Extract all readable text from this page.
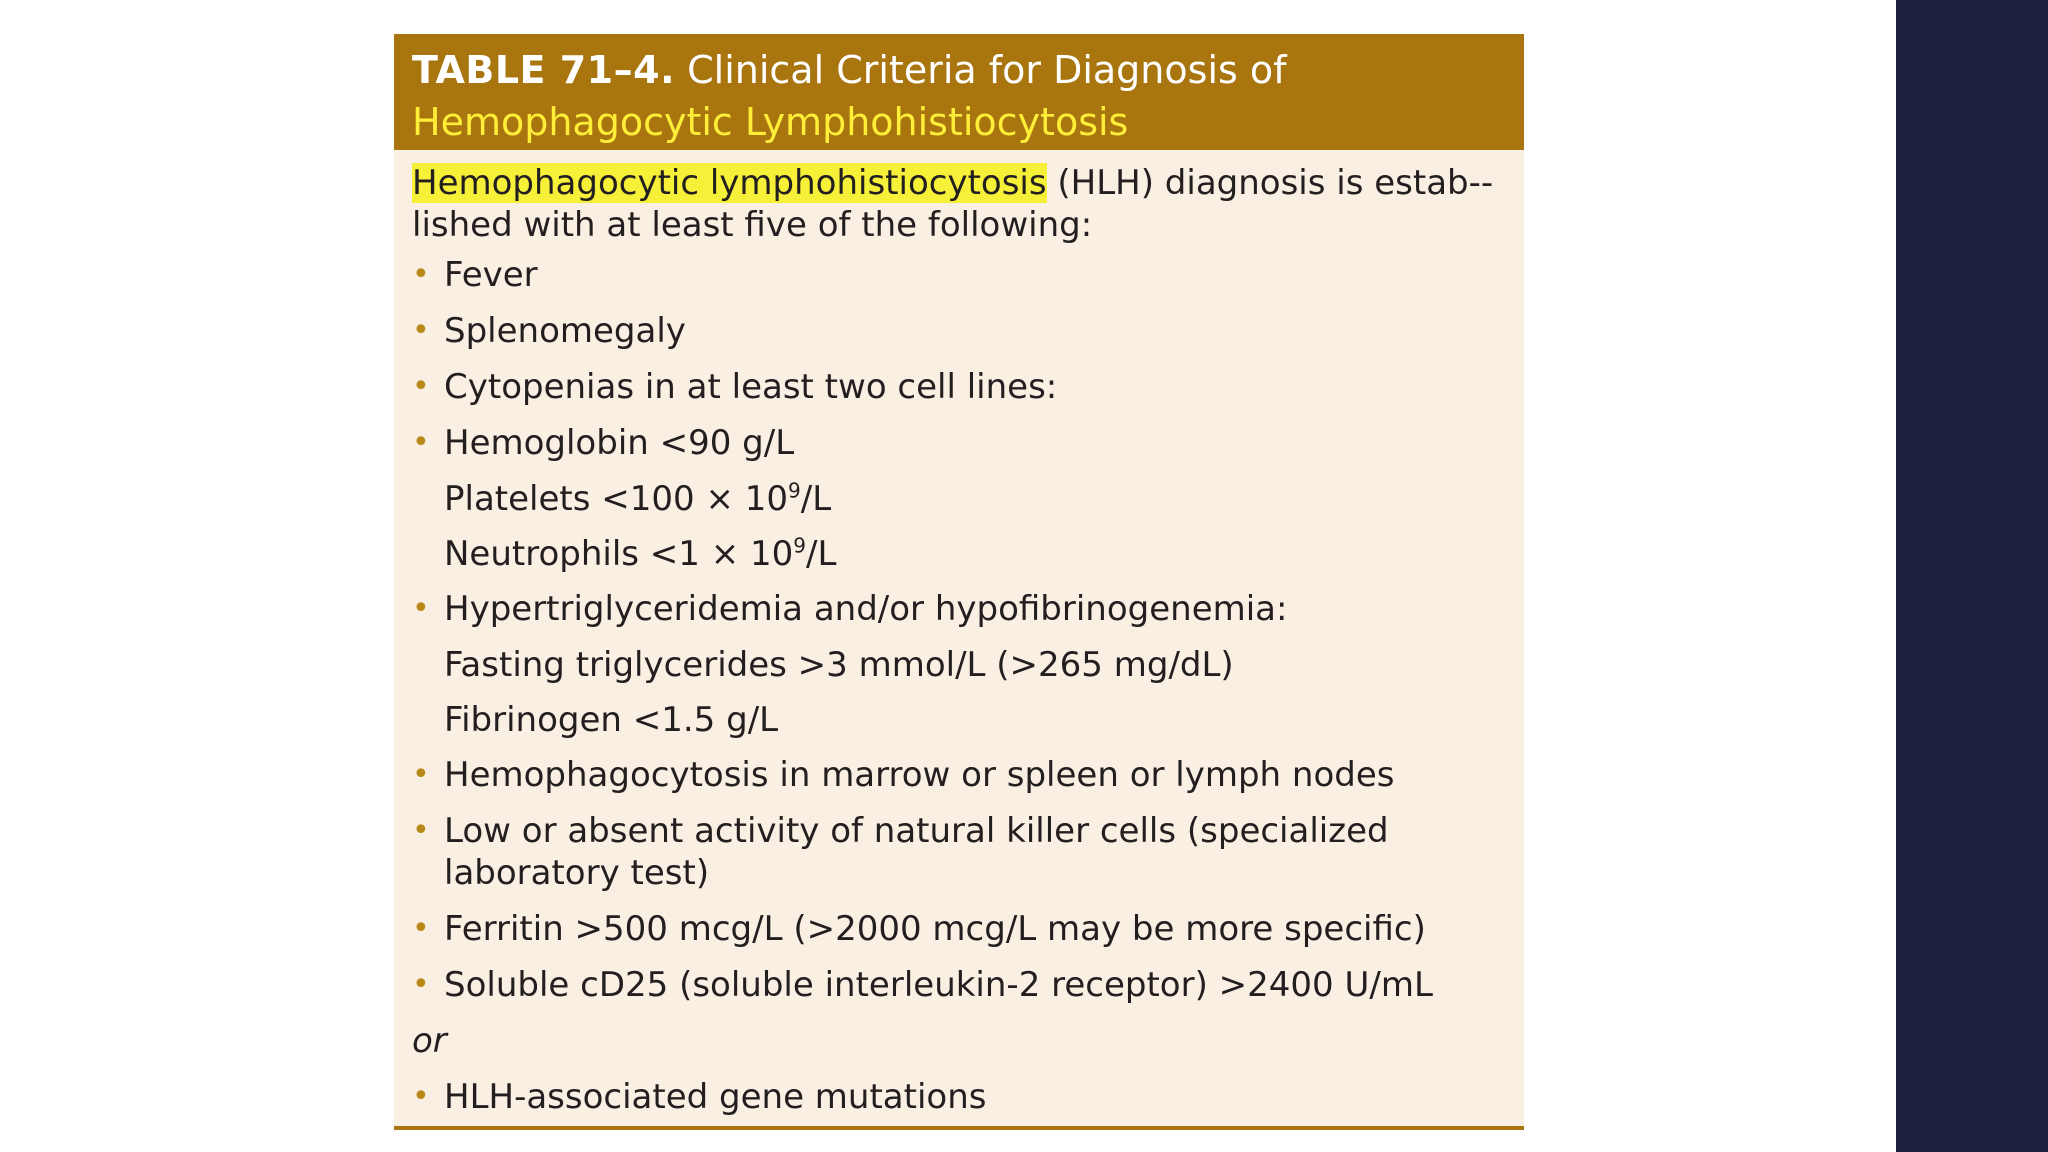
TABLE 71–4. Clinical Criteria for Diagnosis of
Hemophagocytic Lymphohistiocytosis

Hemophagocytic lymphohistiocytosis (HLH) diagnosis is estab-lished with at least five of the following:

• Fever
• Splenomegaly
• Cytopenias in at least two cell lines:
• Hemoglobin <90 g/L
Platelets $<100 \times 10^9/L$
Neutrophils $<1 \times 10^9/L$
• Hypertriglyceridemia and/or hypofibrinogenemia:
Fasting triglycerides >3 mmol/L (>265 mg/dL)
Fibrinogen <1.5 g/L
• Hemophagocytosis in marrow or spleen or lymph nodes
• Low or absent activity of natural killer cells (specialized laboratory test)
• Ferritin >500 mcg/L (>2000 mcg/L may be more specific)
• Soluble cD25 (soluble interleukin-2 receptor) >2400 U/mL
or
• HLH-associated gene mutations
